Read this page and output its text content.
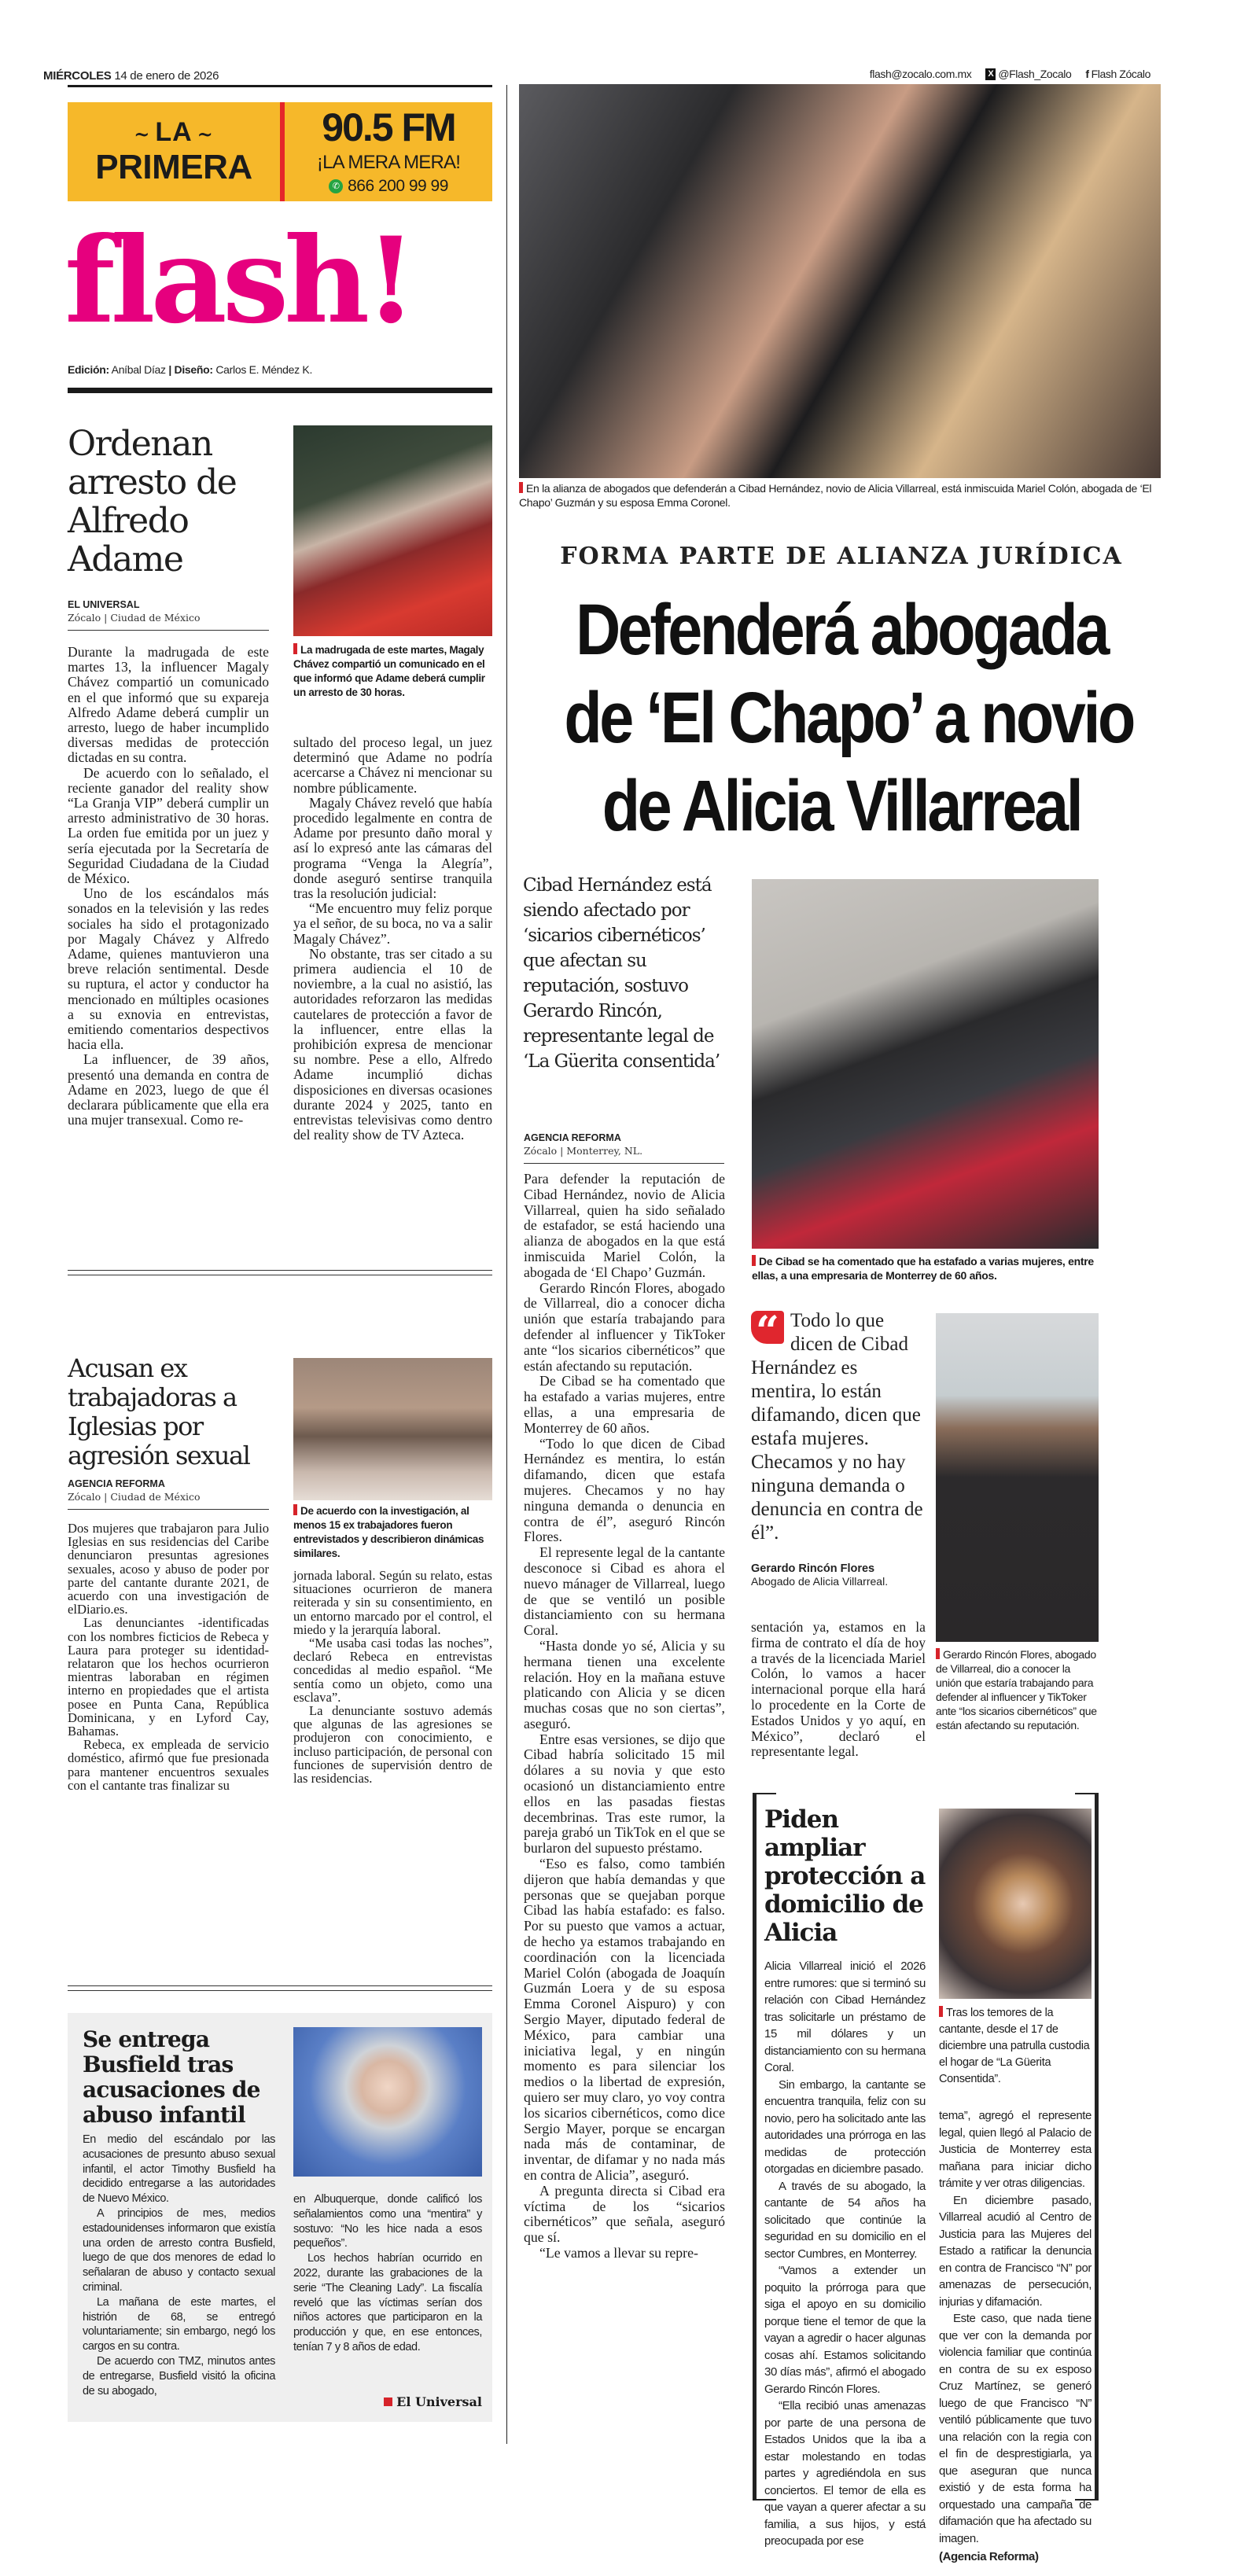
MIÉRCOLES 14 de enero de 2026	flash@zocalo.com.mx X @Flash_Zocalo f Flash Zócalo
~ LA ~
PRIMERA
90.5 FM
¡LA MERA MERA!
✆ 866 200 99 99
flash!
Edición: Aníbal Díaz | Diseño: Carlos E. Méndez K.
Ordenan arresto de Alfredo Adame
EL UNIVERSAL
Zócalo | Ciudad de México
La madrugada de este martes, Magaly Chávez compartió un comunicado en el que informó que Adame deberá cumplir un arresto de 30 horas.

Durante la madrugada de este martes 13, la influencer Magaly Chávez compartió un comunicado en el que informó que su expareja Alfredo Adame deberá cumplir un arresto, luego de haber incumplido diversas medidas de protección dictadas en su contra.

De acuerdo con lo señalado, el reciente ganador del reality show “La Granja VIP” deberá cumplir un arresto administrativo de 30 horas. La orden fue emitida por un juez y sería ejecutada por la Secretaría de Seguridad Ciudadana de la Ciudad de México.

Uno de los escándalos más sonados en la televisión y las redes sociales ha sido el protagonizado por Magaly Chávez y Alfredo Adame, quienes mantuvieron una breve relación sentimental. Desde su ruptura, el actor y conductor ha mencionado en múltiples ocasiones a su exnovia en entrevistas, emitiendo comentarios despectivos hacia ella.

La influencer, de 39 años, presentó una demanda en contra de Adame en 2023, luego de que él declarara públicamente que ella era una mujer transexual. Como re-

sultado del proceso legal, un juez determinó que Adame no podría acercarse a Chávez ni mencionar su nombre públicamente.

Magaly Chávez reveló que había procedido legalmente en contra de Adame por presunto daño moral y así lo expresó ante las cámaras del programa “Venga la Alegría”, donde aseguró sentirse tranquila tras la resolución judicial:

“Me encuentro muy feliz porque ya el señor, de su boca, no va a salir Magaly Chávez”.

No obstante, tras ser citado a su primera audiencia el 10 de noviembre, a la cual no asistió, las autoridades reforzaron las medidas cautelares de protección a favor de la influencer, entre ellas la prohibición expresa de mencionar su nombre. Pese a ello, Alfredo Adame incumplió dichas disposiciones en diversas ocasiones durante 2024 y 2025, tanto en entrevistas televisivas como dentro del reality show de TV Azteca.

Acusan ex trabajadoras a Iglesias por agresión sexual
AGENCIA REFORMA
Zócalo | Ciudad de México
De acuerdo con la investigación, al menos 15 ex trabajadores fueron entrevistados y describieron dinámicas similares.

Dos mujeres que trabajaron para Julio Iglesias en sus residencias del Caribe denunciaron presuntas agresiones sexuales, acoso y abuso de poder por parte del cantante durante 2021, de acuerdo con una investigación de elDiario.es.

Las denunciantes -identificadas con los nombres ficticios de Rebeca y Laura para proteger su identidad- relataron que los hechos ocurrieron mientras laboraban en régimen interno en propiedades que el artista posee en Punta Cana, República Dominicana, y en Lyford Cay, Bahamas.

Rebeca, ex empleada de servicio doméstico, afirmó que fue presionada para mantener encuentros sexuales con el cantante tras finalizar su

jornada laboral. Según su relato, estas situaciones ocurrieron de manera reiterada y sin su consentimiento, en un entorno marcado por el control, el miedo y la jerarquía laboral.

“Me usaba casi todas las noches”, declaró Rebeca en entrevistas concedidas al medio español. “Me sentía como un objeto, como una esclava”.

La denunciante sostuvo además que algunas de las agresiones se produjeron con conocimiento, e incluso participación, de personal con funciones de supervisión dentro de las residencias.

Se entrega Busfield tras acusaciones de abuso infantil

En medio del escándalo por las acusaciones de presunto abuso sexual infantil, el actor Timothy Busfield ha decidido entregarse a las autoridades de Nuevo México.

A principios de mes, medios estadounidenses informaron que existía una orden de arresto contra Busfield, luego de que dos menores de edad lo señalaran de abuso y contacto sexual criminal.

La mañana de este martes, el histrión de 68, se entregó voluntariamente; sin embargo, negó los cargos en su contra.

De acuerdo con TMZ, minutos antes de entregarse, Busfield visitó la oficina de su abogado,

en Albuquerque, donde calificó los señalamientos como una “mentira” y sostuvo: “No les hice nada a esos pequeños”.

Los hechos habrían ocurrido en 2022, durante las grabaciones de la serie “The Cleaning Lady”. La fiscalía reveló que las víctimas serían dos niños actores que participaron en la producción y que, en ese entonces, tenían 7 y 8 años de edad.

El Universal
En la alianza de abogados que defenderán a Cibad Hernández, novio de Alicia Villarreal, está inmiscuida Mariel Colón, abogada de ‘El Chapo’ Guzmán y su esposa Emma Coronel.
FORMA PARTE DE ALIANZA JURÍDICA
Defenderá abogada
de ‘El Chapo’ a novio
de Alicia Villarreal
Cibad Hernández está siendo afectado por ‘sicarios cibernéticos’ que afectan su reputación, sostuvo Gerardo Rincón, representante legal de ‘La Güerita consentida’
AGENCIA REFORMA
Zócalo | Monterrey, NL.
De Cibad se ha comentado que ha estafado a varias mujeres, entre ellas, a una empresaria de Monterrey de 60 años.

Para defender la reputación de Cibad Hernández, novio de Alicia Villarreal, quien ha sido señalado de estafador, se está haciendo una alianza de abogados en la que está inmiscuida Mariel Colón, la abogada de ‘El Chapo’ Guzmán.

Gerardo Rincón Flores, abogado de Villarreal, dio a conocer dicha unión que estaría trabajando para defender al influencer y TikToker ante “los sicarios cibernéticos” que están afectando su reputación.

De Cibad se ha comentado que ha estafado a varias mujeres, entre ellas, a una empresaria de Monterrey de 60 años.

“Todo lo que dicen de Cibad Hernández es mentira, lo están difamando, dicen que estafa mujeres. Checamos y no hay ninguna demanda o denuncia en contra de él”, aseguró Rincón Flores.

El represente legal de la cantante desconoce si Cibad es ahora el nuevo mánager de Villarreal, luego de que se ventiló un posible distanciamiento con su hermana Coral.

“Hasta donde yo sé, Alicia y su hermana tienen una excelente relación. Hoy en la mañana estuve platicando con Alicia y se dicen muchas cosas que no son ciertas”, aseguró.

Entre esas versiones, se dijo que Cibad habría solicitado 15 mil dólares a su novia y que esto ocasionó un distanciamiento entre ellos en las pasadas fiestas decembrinas. Tras este rumor, la pareja grabó un TikTok en el que se burlaron del supuesto préstamo.

“Eso es falso, como también dijeron que había demandas y que personas que se quejaban porque Cibad las había estafado: es falso. Por su puesto que vamos a actuar, de hecho ya estamos trabajando en coordinación con la licenciada Mariel Colón (abogada de Joaquín Guzmán Loera y de su esposa Emma Coronel Aispuro) y con Sergio Mayer, diputado federal de México, para cambiar una iniciativa legal, y en ningún momento es para silenciar los medios o la libertad de expresión, quiero ser muy claro, yo voy contra los sicarios cibernéticos, como dice Sergio Mayer, porque se encargan nada más de contaminar, de inventar, de difamar y no nada más en contra de Alicia”, aseguró.

A pregunta directa si Cibad era víctima de los “sicarios cibernéticos” que señala, aseguró que sí.

“Le vamos a llevar su repre-

“ Todo lo que dicen de Cibad Hernández es mentira, lo están difamando, dicen que estafa mujeres. Checamos y no hay ninguna demanda o denuncia en contra de él”.
Gerardo Rincón Flores
Abogado de Alicia Villarreal.

sentación ya, estamos en la firma de contrato el día de hoy a través de la licenciada Mariel Colón, lo vamos a hacer internacional porque ella hará lo procedente en la Corte de Estados Unidos y yo aquí, en México”, declaró el representante legal.

Gerardo Rincón Flores, abogado de Villarreal, dio a conocer la unión que estaría trabajando para defender al influencer y TikToker ante “los sicarios cibernéticos” que están afectando su reputación.
Piden ampliar protección a domicilio de Alicia

Alicia Villarreal inició el 2026 entre rumores: que si terminó su relación con Cibad Hernández tras solicitarle un préstamo de 15 mil dólares y un distanciamiento con su hermana Coral.

Sin embargo, la cantante se encuentra tranquila, feliz con su novio, pero ha solicitado ante las autoridades una prórroga en las medidas de protección otorgadas en diciembre pasado.

A través de su abogado, la cantante de 54 años ha solicitado que continúe la seguridad en su domicilio en el sector Cumbres, en Monterrey.

“Vamos a extender un poquito la prórroga para que siga el apoyo en su domicilio porque tiene el temor de que la vayan a agredir o hacer algunas cosas ahí. Estamos solicitando 30 días más”, afirmó el abogado Gerardo Rincón Flores.

“Ella recibió unas amenazas por parte de una persona de Estados Unidos que la iba a estar molestando en todas partes y agrediéndola en sus conciertos. El temor de ella es que vayan a querer afectar a su familia, a sus hijos, y está preocupada por ese

Tras los temores de la cantante, desde el 17 de diciembre una patrulla custodia el hogar de “La Güerita Consentida”.

tema”, agregó el represente legal, quien llegó al Palacio de Justicia de Monterrey esta mañana para iniciar dicho trámite y ver otras diligencias.

En diciembre pasado, Villarreal acudió al Centro de Justicia para las Mujeres del Estado a ratificar la denuncia en contra de Francisco “N” por amenazas de persecución, injurias y difamación.

Este caso, que nada tiene que ver con la demanda por violencia familiar que continúa en contra de su ex esposo Cruz Martínez, se generó luego de que Francisco “N” ventiló públicamente que tuvo una relación con la regia con el fin de desprestigiarla, ya que aseguran que nunca existió y de esta forma ha orquestado una campaña de difamación que ha afectado su imagen.

(Agencia Reforma)
